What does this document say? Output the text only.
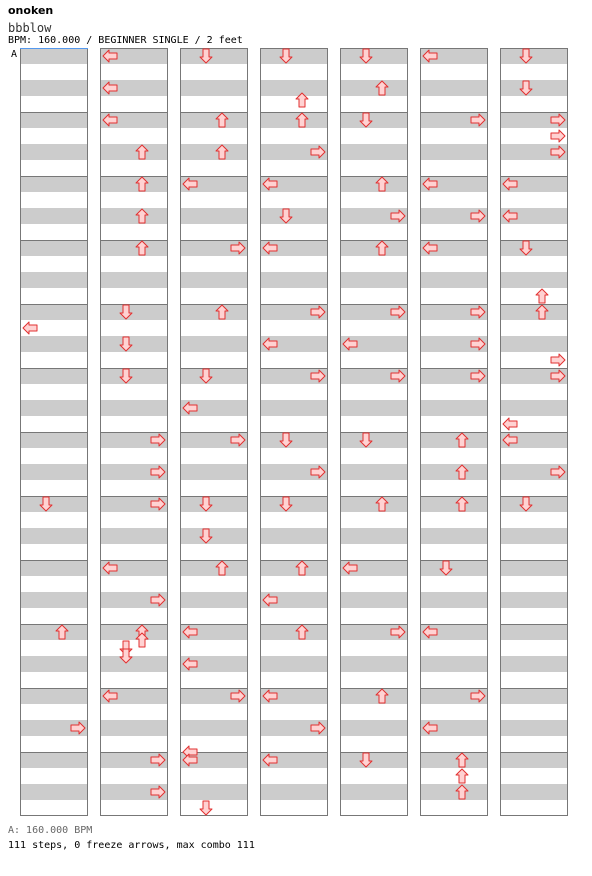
onoken
bbblow
BPM: 160.000 / BEGINNER SINGLE / 2 feet
A
A: 160.000 BPM
111 steps, 0 freeze arrows, max combo 111
